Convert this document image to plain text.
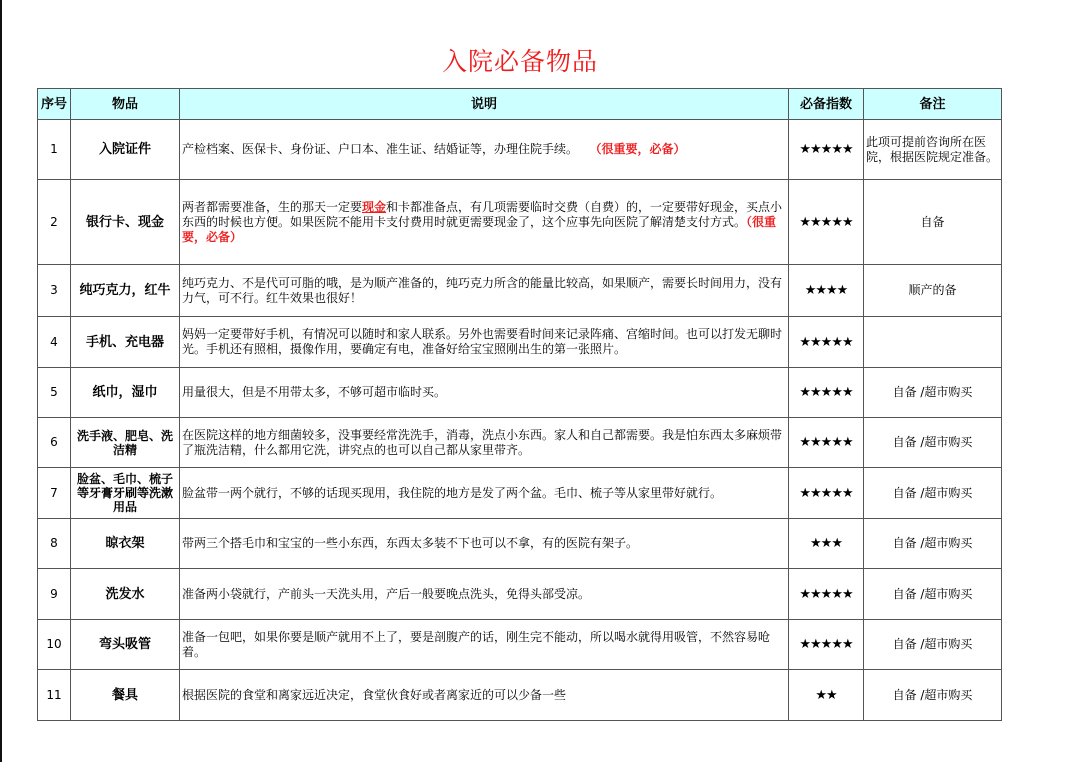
入院必备物品
序号	物品	说明	必备指数	备注
1	入院证件	产检档案、医保卡、身份证、户口本、准生证、结婚证等，办理住院手续。 （很重要，必备）	★★★★★	此项可提前咨询所在医院，根据医院规定准备。
2	银行卡、现金	两者都需要准备，生的那天一定要现金和卡都准备点，有几项需要临时交费（自费）的，一定要带好现金，买点小东西的时候也方便。如果医院不能用卡支付费用时就更需要现金了，这个应事先向医院了解清楚支付方式。（很重要，必备）	★★★★★	自备
3	纯巧克力，红牛	纯巧克力、不是代可可脂的哦，是为顺产准备的，纯巧克力所含的能量比较高，如果顺产，需要长时间用力，没有力气，可不行。红牛效果也很好！	★★★★	顺产的备
4	手机、充电器	妈妈一定要带好手机，有情况可以随时和家人联系。另外也需要看时间来记录阵痛、宫缩时间。也可以打发无聊时光。手机还有照相，摄像作用，要确定有电，准备好给宝宝照刚出生的第一张照片。	★★★★★	
5	纸巾，湿巾	用量很大，但是不用带太多，不够可超市临时买。	★★★★★	自备 /超市购买
6	洗手液、肥皂、洗洁精	在医院这样的地方细菌较多，没事要经常洗洗手，消毒，洗点小东西。家人和自己都需要。我是怕东西太多麻烦带了瓶洗洁精，什么都用它洗，讲究点的也可以自己都从家里带齐。	★★★★★	自备 /超市购买
7	脸盆、毛巾、梳子等牙膏牙刷等洗漱用品	脸盆带一两个就行，不够的话现买现用，我住院的地方是发了两个盆。毛巾、梳子等从家里带好就行。	★★★★★	自备 /超市购买
8	晾衣架	带两三个搭毛巾和宝宝的一些小东西，东西太多装不下也可以不拿，有的医院有架子。	★★★	自备 /超市购买
9	洗发水	准备两小袋就行，产前头一天洗头用，产后一般要晚点洗头，免得头部受凉。	★★★★★	自备 /超市购买
10	弯头吸管	准备一包吧，如果你要是顺产就用不上了，要是剖腹产的话，刚生完不能动，所以喝水就得用吸管，不然容易呛着。	★★★★★	自备 /超市购买
11	餐具	根据医院的食堂和离家远近决定，食堂伙食好或者离家近的可以少备一些	★★	自备 /超市购买
